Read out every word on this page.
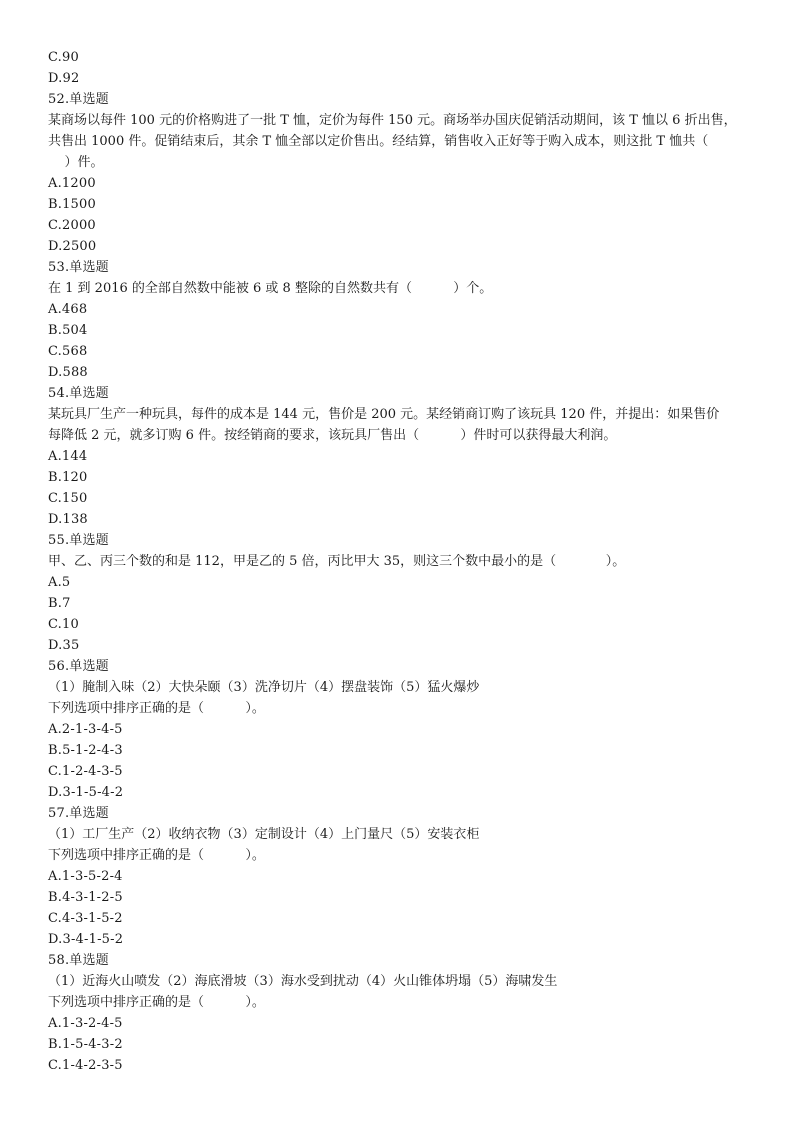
C.90
D.92
52.单选题
某商场以每件 100 元的价格购进了一批 T 恤，定价为每件 150 元。商场举办国庆促销活动期间，该 T 恤以 6 折出售，
共售出 1000 件。促销结束后，其余 T 恤全部以定价售出。经结算，销售收入正好等于购入成本，则这批 T 恤共（
）件。
A.1200
B.1500
C.2000
D.2500
53.单选题
在 1 到 2016 的全部自然数中能被 6 或 8 整除的自然数共有（          ）个。
A.468
B.504
C.568
D.588
54.单选题
某玩具厂生产一种玩具，每件的成本是 144 元，售价是 200 元。某经销商订购了该玩具 120 件，并提出：如果售价
每降低 2 元，就多订购 6 件。按经销商的要求，该玩具厂售出（          ）件时可以获得最大利润。
A.144
B.120
C.150
D.138
55.单选题
甲、乙、丙三个数的和是 112，甲是乙的 5 倍，丙比甲大 35，则这三个数中最小的是（            ）。
A.5
B.7
C.10
D.35
56.单选题
（1）腌制入味（2）大快朵颐（3）洗净切片（4）摆盘装饰（5）猛火爆炒
下列选项中排序正确的是（          ）。
A.2-1-3-4-5
B.5-1-2-4-3
C.1-2-4-3-5
D.3-1-5-4-2
57.单选题
（1）工厂生产（2）收纳衣物（3）定制设计（4）上门量尺（5）安装衣柜
下列选项中排序正确的是（          ）。
A.1-3-5-2-4
B.4-3-1-2-5
C.4-3-1-5-2
D.3-4-1-5-2
58.单选题
（1）近海火山喷发（2）海底滑坡（3）海水受到扰动（4）火山锥体坍塌（5）海啸发生
下列选项中排序正确的是（          ）。
A.1-3-2-4-5
B.1-5-4-3-2
C.1-4-2-3-5
